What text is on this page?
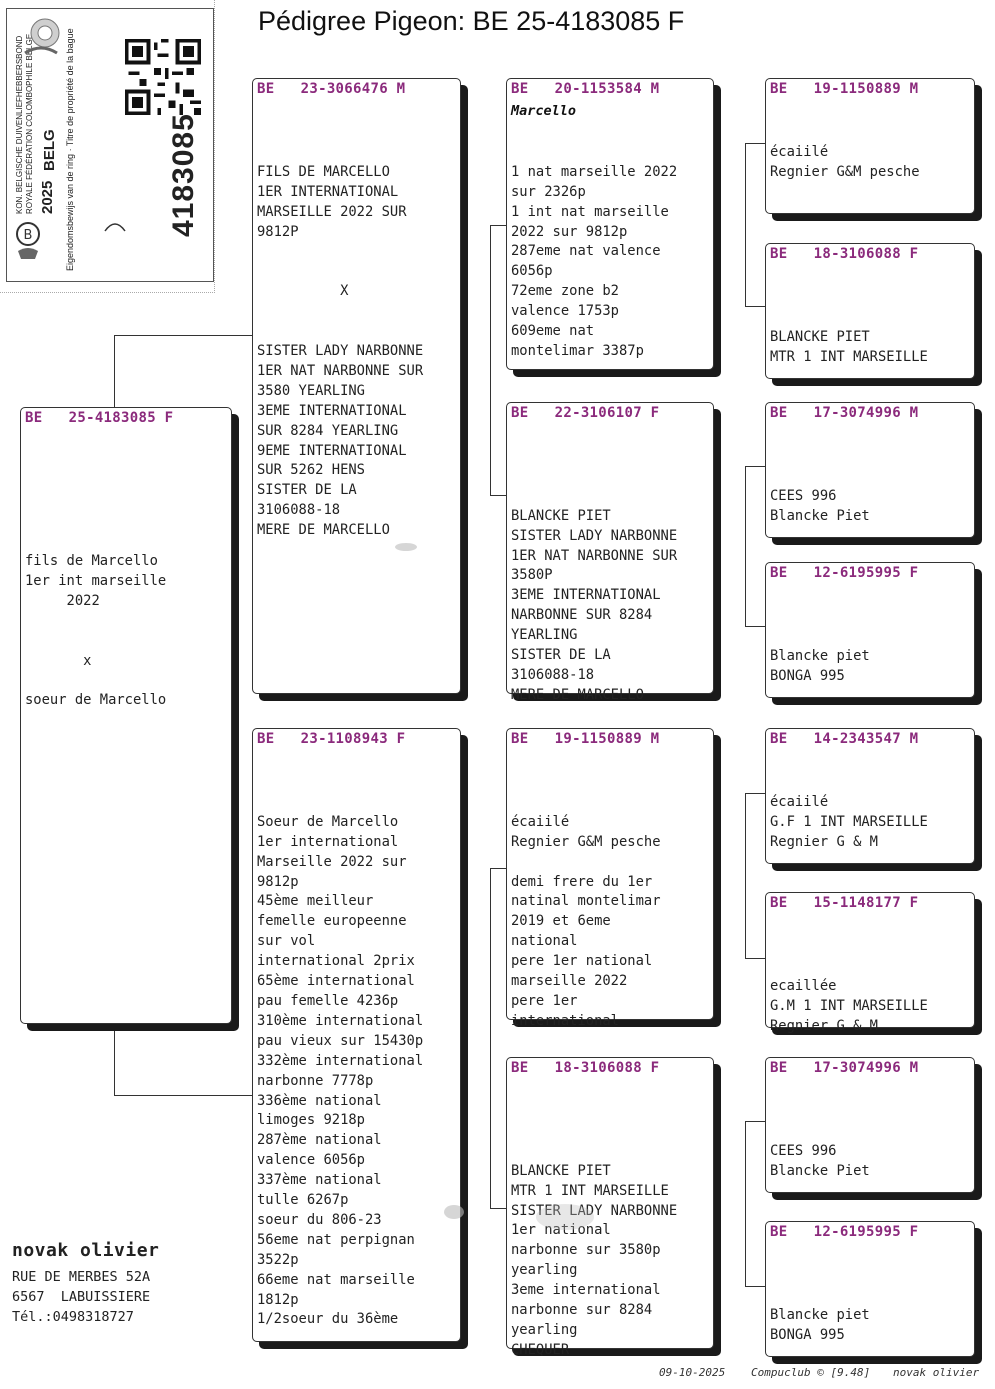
Pédigree Pigeon: BE 25-4183085 F
B
KON. BELGISCHE DUIVENLIEFHEBBERSBOND ROYALE FÉDÉRATION COLOMBOPHILE BELGE 2025
BELG Eigendomsbewijs van de ring · Titre de propriété de la bague	4183085
BE   25-4183085 F
fils de Marcello
1er int marseille
2022

x

soeur de Marcello
BE   23-3066476 M

FILS DE MARCELLO
1ER INTERNATIONAL
MARSEILLE 2022 SUR
9812P

X

SISTER LADY NARBONNE
1ER NAT NARBONNE SUR
3580 YEARLING
3EME INTERNATIONAL
SUR 8284 YEARLING
9EME INTERNATIONAL
SUR 5262 HENS
SISTER DE LA
3106088-18
MERE DE MARCELLO
BE   23-1108943 F

Soeur de Marcello
1er international
Marseille 2022 sur
9812p
45ème meilleur
femelle europeenne
sur vol
international 2prix
65ème international
pau femelle 4236p
310ème international
pau vieux sur 15430p
332ème international
narbonne 7778p
336ème national
limoges 9218p
287ème national
valence 6056p
337ème national
tulle 6267p
soeur du 806-23
56eme nat perpignan
3522p
66eme nat marseille
1812p
1/2soeur du 36ème
BE   20-1153584 M
Marcello

1 nat marseille 2022
sur 2326p
1 int nat marseille
2022 sur 9812p
287eme nat valence
6056p
72eme zone b2
valence 1753p
609eme nat
montelimar 3387p
BE   22-3106107 F

BLANCKE PIET
SISTER LADY NARBONNE
1ER NAT NARBONNE SUR
3580P
3EME INTERNATIONAL
NARBONNE SUR 8284
YEARLING
SISTER DE LA
3106088-18
MERE DE MARCELLO
BE   19-1150889 M

écaiilé
Regnier G&M pesche

demi frere du 1er
natinal montelimar
2019 et 6eme
national
pere 1er national
marseille 2022
pere 1er
international
BE   18-3106088 F

BLANCKE PIET
MTR 1 INT MARSEILLE
SISTER LADY NARBONNE
1er national
narbonne sur 3580p
yearling
3eme international
narbonne sur 8284
yearling
CHEQUER
BE   19-1150889 M

écaiilé
Regnier G&M pesche
BE   18-3106088 F

BLANCKE PIET
MTR 1 INT MARSEILLE
BE   17-3074996 M

CEES 996
Blancke Piet
BE   12-6195995 F

Blancke piet
BONGA 995
BE   14-2343547 M

écaiilé
G.F 1 INT MARSEILLE
Regnier G & M
BE   15-1148177 F

ecaillée
G.M 1 INT MARSEILLE
Regnier G & M
BE   17-3074996 M

CEES 996
Blancke Piet
BE   12-6195995 F

Blancke piet
BONGA 995
novak olivier
RUE DE MERBES 52A
6567  LABUISSIERE
Tél.:0498318727
09-10-2025 Compuclub © [9.48] novak olivier
